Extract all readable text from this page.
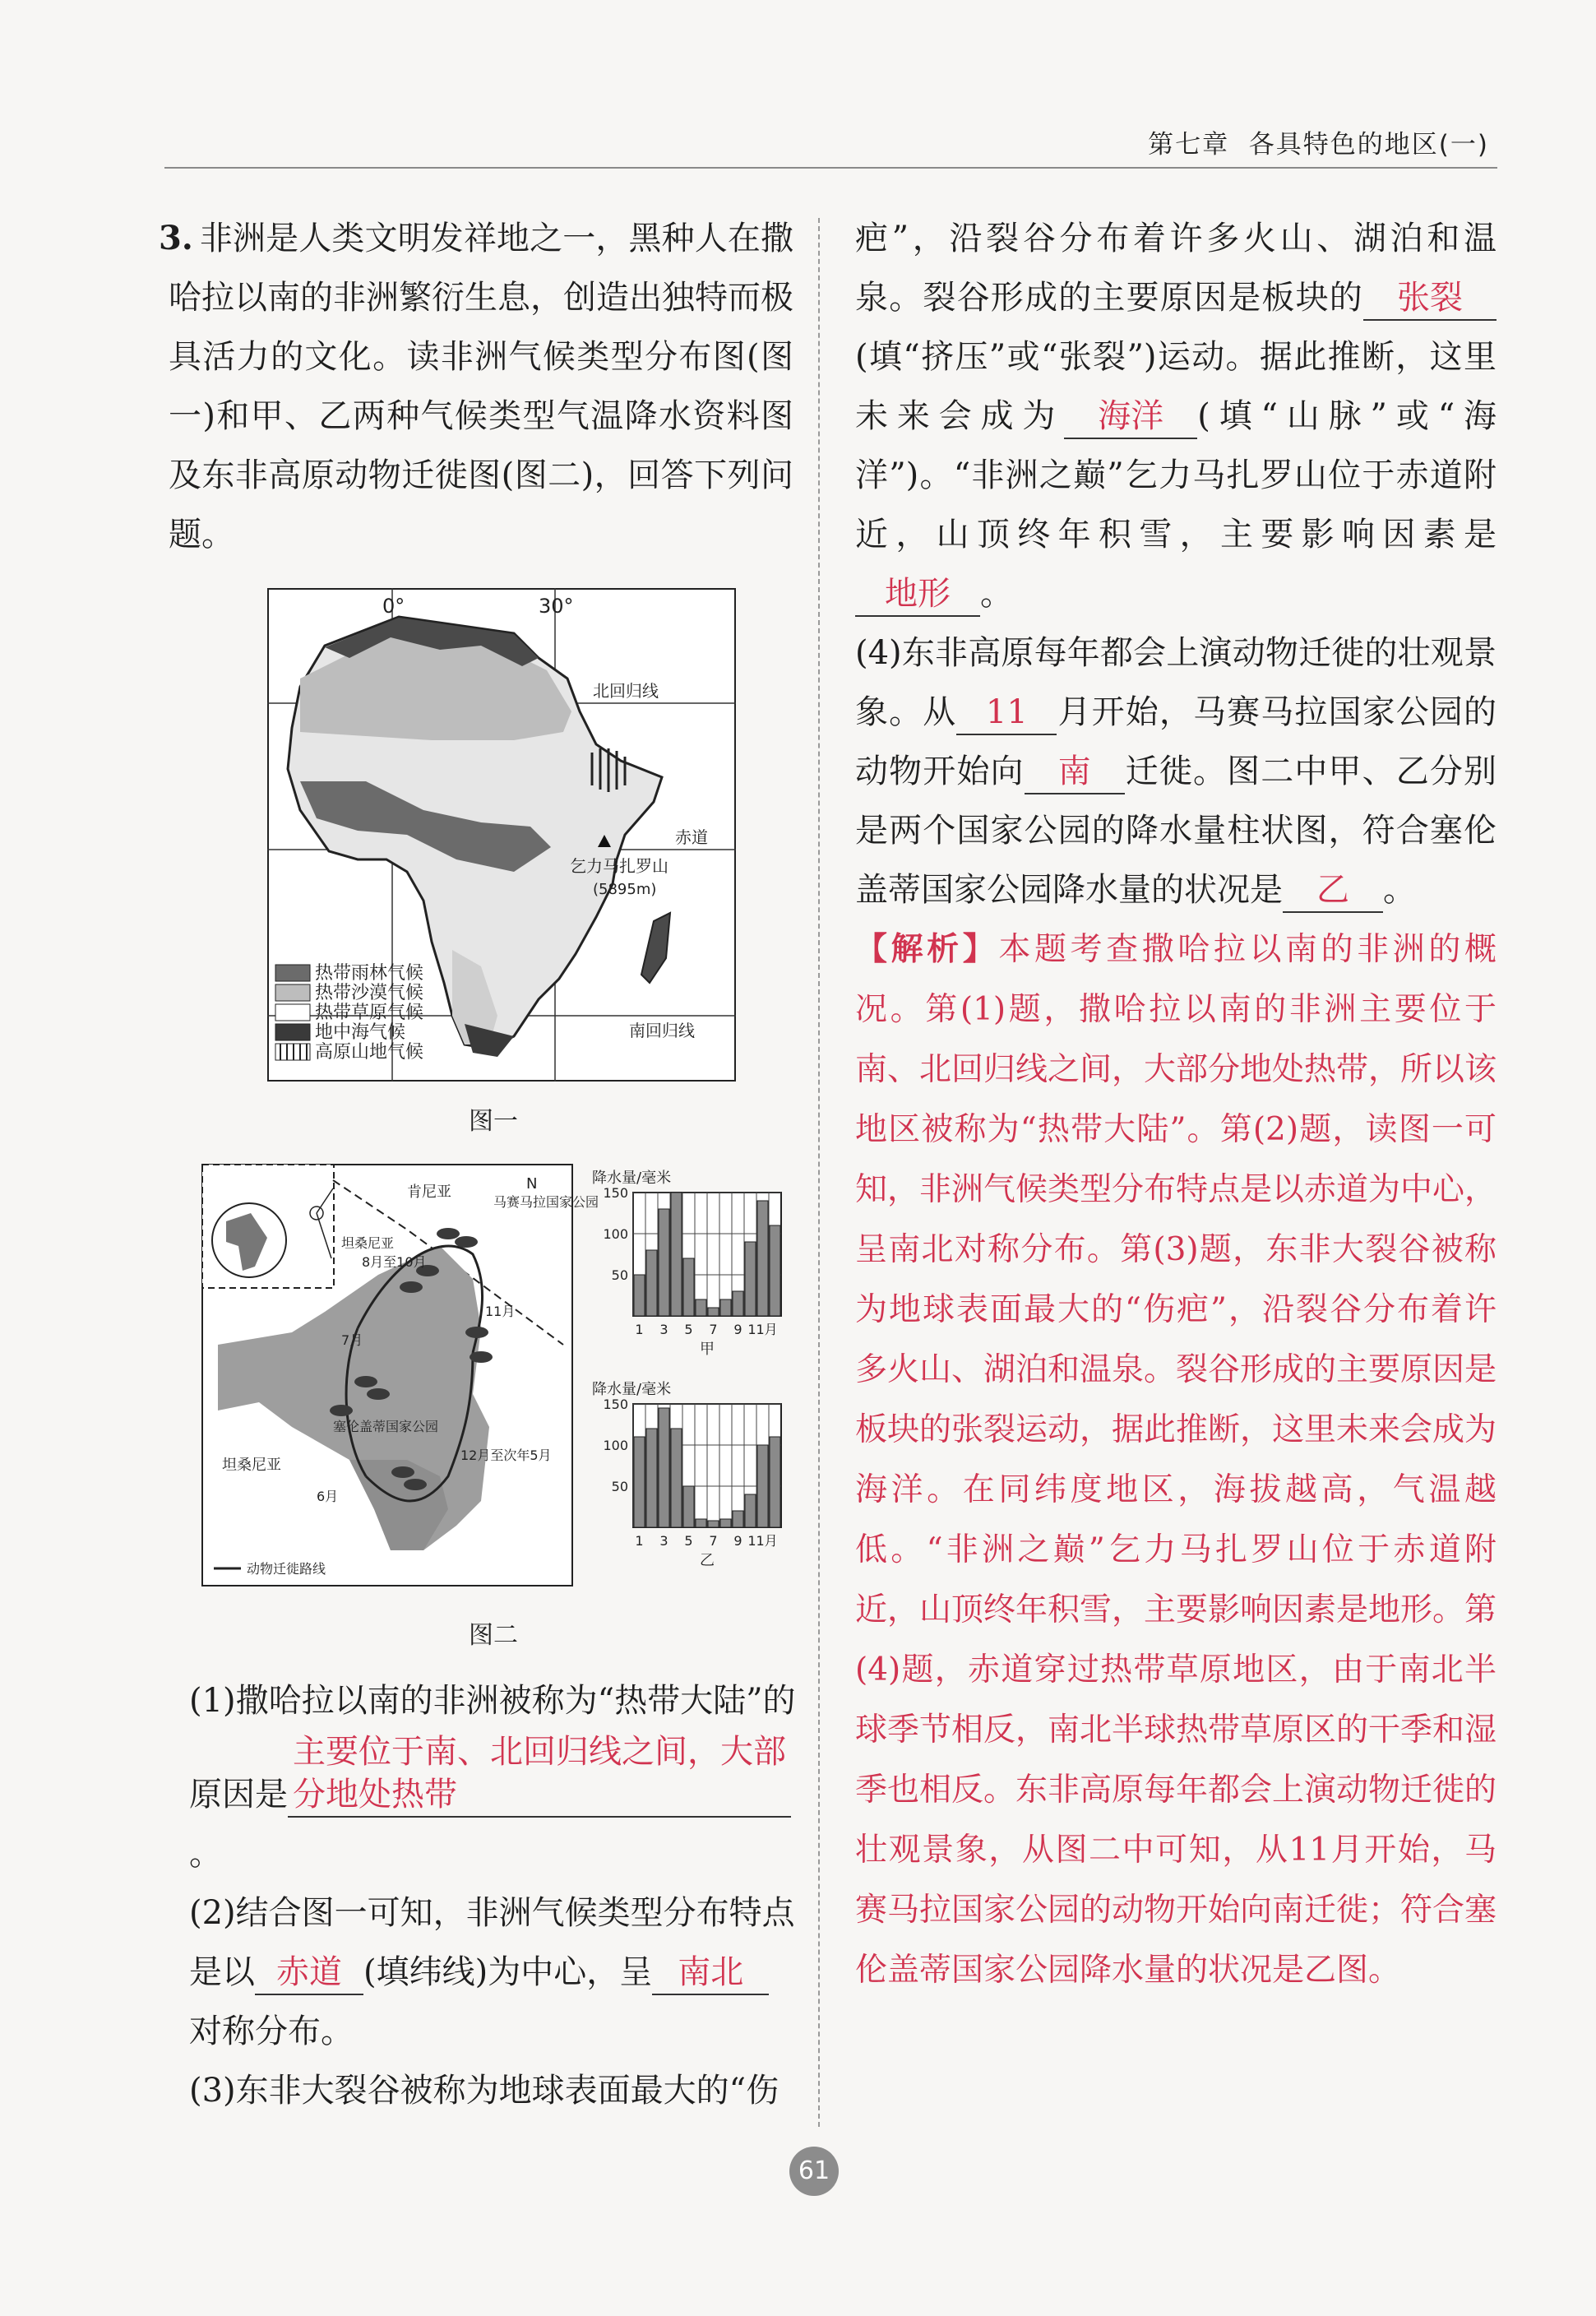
第七章 各具特色的地区(一)

3. 非洲是人类文明发祥地之一，黑种人在撒哈拉以南的非洲繁衍生息，创造出独特而极具活力的文化。读非洲气候类型分布图(图一)和甲、乙两种气候类型气温降水资料图及东非高原动物迁徙图(图二)，回答下列问题。

0°	30°
北回归线
赤道
乞力马扎罗山
(5895m)
南回归线
热带雨林气候
热带沙漠气候
热带草原气候
地中海气候
高原山地气候
图一
肯尼亚
坦桑尼亚
马赛马拉国家公园
N
8月至10月
7月
11月
塞伦盖蒂国家公园
12月至次年5月
坦桑尼亚
6月
动物迁徙路线
降水量/毫米
150
100
50
1 3 5 7 9 11月
甲
降水量/毫米
150
100
50
1 3 5 7 9 11月
乙
图二

(1)撒哈拉以南的非洲被称为“热带大陆”的原因是主要位于南、北回归线之间，大部分地处热带。

(2)结合图一可知，非洲气候类型分布特点是以 赤道 (填纬线)为中心，呈 南北对称分布。

(3)东非大裂谷被称为地球表面最大的“伤

疤”，沿裂谷分布着许多火山、湖泊和温泉。裂谷形成的主要原因是板块的 张裂(填“挤压”或“张裂”)运动。据此推断，这里未来会成为 海洋 (填“山脉”或“海洋”)。“非洲之巅”乞力马扎罗山位于赤道附近，山顶终年积雪，主要影响因素是地形 。

(4)东非高原每年都会上演动物迁徙的壮观景象。从 11 月开始，马赛马拉国家公园的动物开始向 南 迁徙。图二中甲、乙分别是两个国家公园的降水量柱状图，符合塞伦盖蒂国家公园降水量的状况是 乙 。

【解析】本题考查撒哈拉以南的非洲的概况。第(1)题，撒哈拉以南的非洲主要位于南、北回归线之间，大部分地处热带，所以该地区被称为“热带大陆”。第(2)题，读图一可知，非洲气候类型分布特点是以赤道为中心，呈南北对称分布。第(3)题，东非大裂谷被称为地球表面最大的“伤疤”，沿裂谷分布着许多火山、湖泊和温泉。裂谷形成的主要原因是板块的张裂运动，据此推断，这里未来会成为海洋。在同纬度地区，海拔越高，气温越低。“非洲之巅”乞力马扎罗山位于赤道附近，山顶终年积雪，主要影响因素是地形。第(4)题，赤道穿过热带草原地区，由于南北半球季节相反，南北半球热带草原区的干季和湿季也相反。东非高原每年都会上演动物迁徙的壮观景象，从图二中可知，从11月开始，马赛马拉国家公园的动物开始向南迁徙；符合塞伦盖蒂国家公园降水量的状况是乙图。

61
